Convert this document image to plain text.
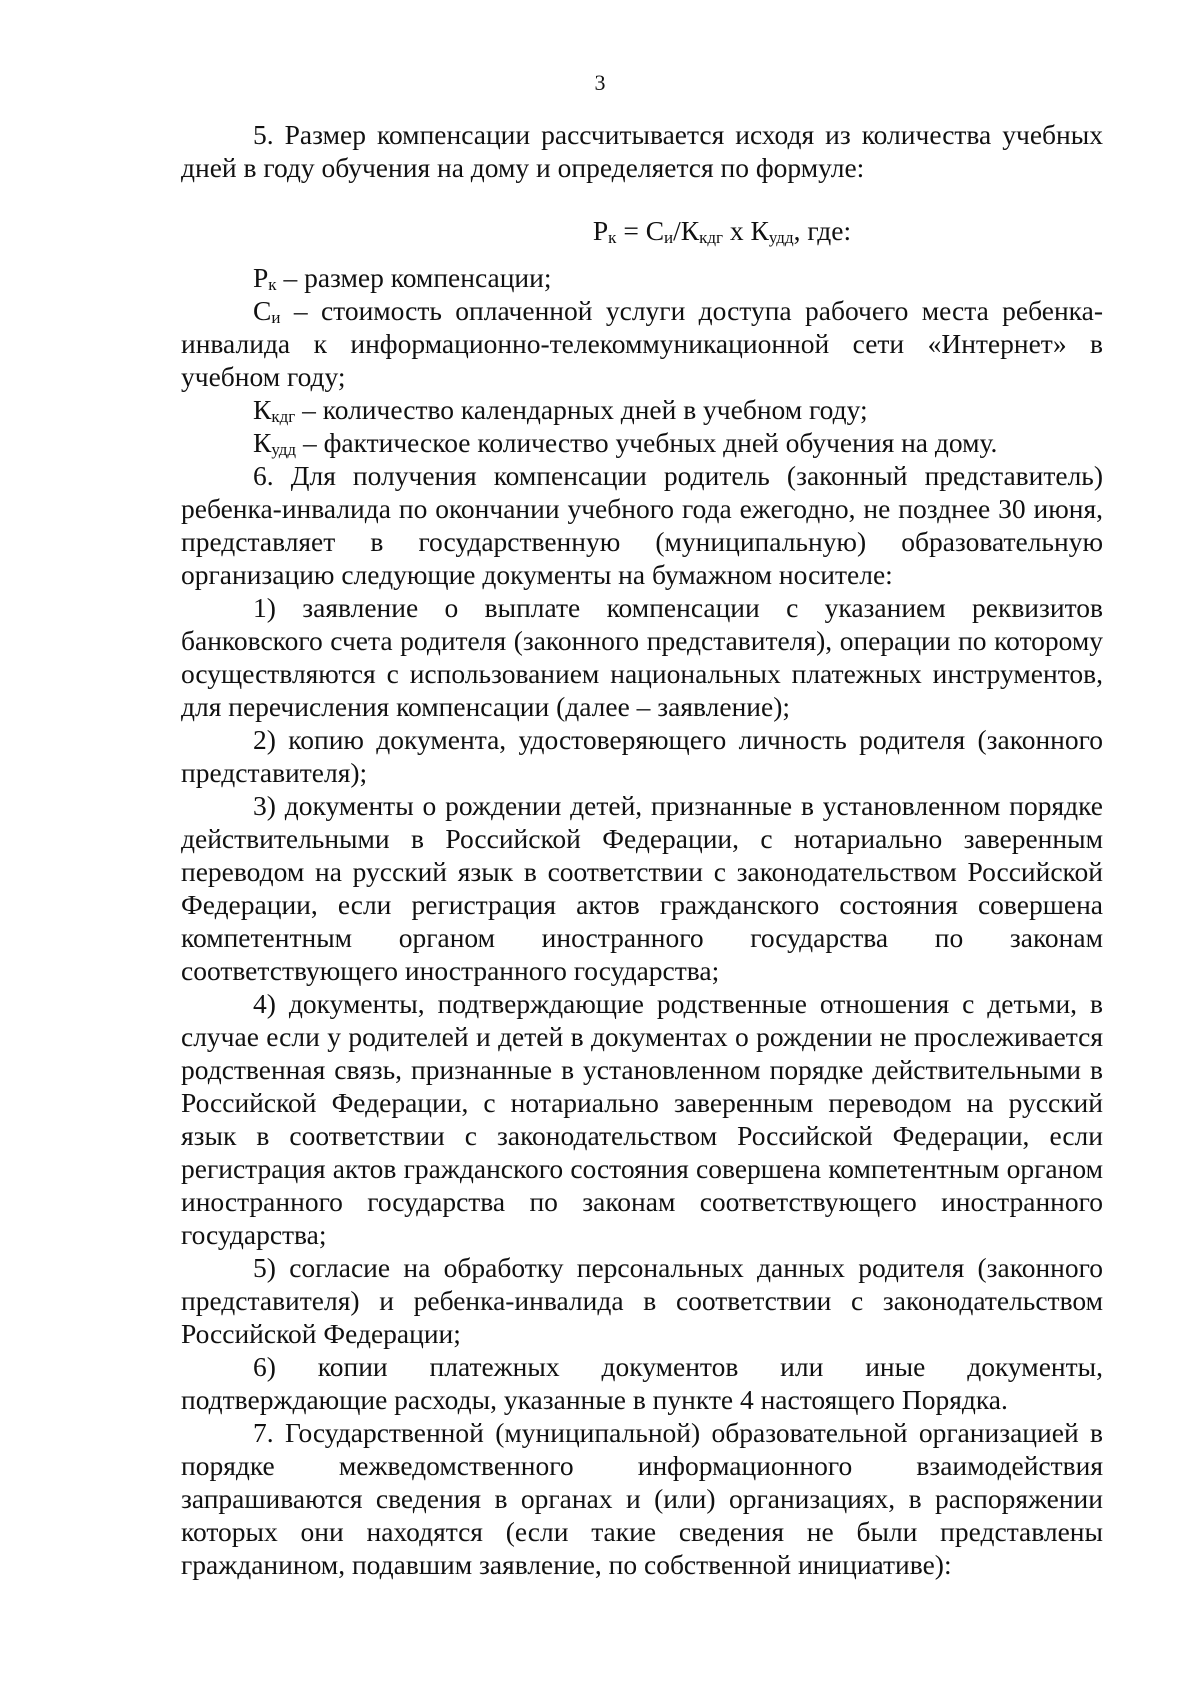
3

5. Размер компенсации рассчитывается исходя из количества учебных дней в году обучения на дому и определяется по формуле:

$Р_к = С_и/К_{кдг}$ х $К_{удд}$, где:

$Р_к$ – размер компенсации;

$С_и$ – стоимость оплаченной услуги доступа рабочего места ребенка-инвалида к информационно-телекоммуникационной сети «Интернет» в учебном году;

$К_{кдг}$ – количество календарных дней в учебном году;

$К_{удд}$ – фактическое количество учебных дней обучения на дому.

6. Для получения компенсации родитель (законный представитель) ребенка-инвалида по окончании учебного года ежегодно, не позднее 30 июня, представляет в государственную (муниципальную) образовательную организацию следующие документы на бумажном носителе:

1) заявление о выплате компенсации с указанием реквизитов банковского счета родителя (законного представителя), операции по которому осуществляются с использованием национальных платежных инструментов, для перечисления компенсации (далее – заявление);

2) копию документа, удостоверяющего личность родителя (законного представителя);

3) документы о рождении детей, признанные в установленном порядке действительными в Российской Федерации, с нотариально заверенным переводом на русский язык в соответствии с законодательством Российской Федерации, если регистрация актов гражданского состояния совершена компетентным органом иностранного государства по законам соответствующего иностранного государства;

4) документы, подтверждающие родственные отношения с детьми, в случае если у родителей и детей в документах о рождении не прослеживается родственная связь, признанные в установленном порядке действительными в Российской Федерации, с нотариально заверенным переводом на русский язык в соответствии с законодательством Российской Федерации, если регистрация актов гражданского состояния совершена компетентным органом иностранного государства по законам соответствующего иностранного государства;

5) согласие на обработку персональных данных родителя (законного представителя) и ребенка-инвалида в соответствии с законодательством Российской Федерации;

6) копии платежных документов или иные документы, подтверждающие расходы, указанные в пункте 4 настоящего Порядка.

7. Государственной (муниципальной) образовательной организацией в порядке межведомственного информационного взаимодействия запрашиваются сведения в органах и (или) организациях, в распоряжении которых они находятся (если такие сведения не были представлены гражданином, подавшим заявление, по собственной инициативе):
